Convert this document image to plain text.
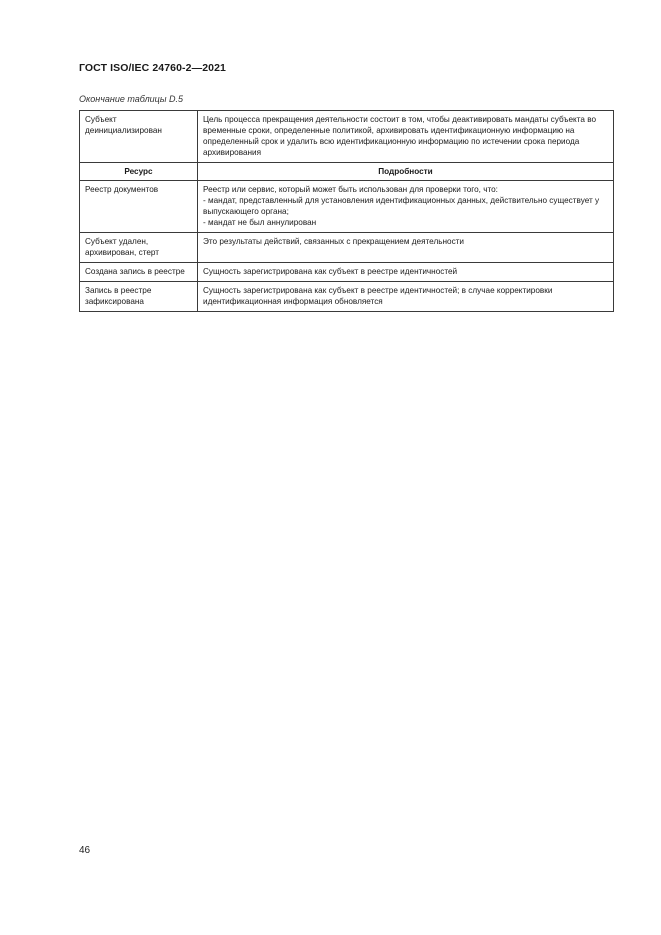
ГОСТ ISO/IEC 24760-2—2021
Окончание таблицы D.5
Субъект деинициализирован	Цель процесса прекращения деятельности состоит в том, чтобы деактивировать мандаты субъекта во временные сроки, определенные политикой, архивировать идентификационную информацию на определенный срок и удалить всю идентификационную информацию по истечении срока периода архивирования
Ресурс	Подробности
Реестр документов	Реестр или сервис, который может быть использован для проверки того, что:
- мандат, представленный для установления идентификационных данных, действительно существует у выпускающего органа;
- мандат не был аннулирован

Субъект удален, архивирован, стерт	Это результаты действий, связанных с прекращением деятельности
Создана запись в реестре	Сущность зарегистрирована как субъект в реестре идентичностей
Запись в реестре зафиксирована	Сущность зарегистрирована как субъект в реестре идентичностей; в случае корректировки идентификационная информация обновляется
46
